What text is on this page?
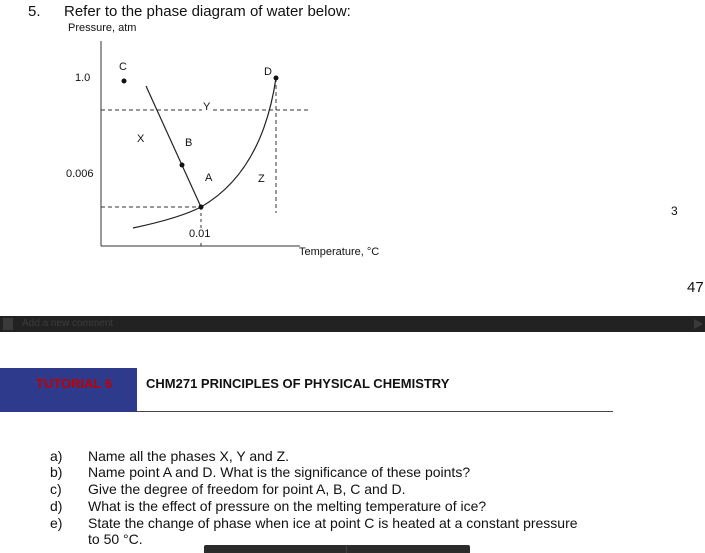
5. Refer to the phase diagram of water below:
Pressure, atm
1.0
0.006
0.01
Temperature, °C
C	D
B
A
X
Y
Z
3
47
Add a new comment
TUTORIAL 6	CHM271 PRINCIPLES OF PHYSICAL CHEMISTRY
a) Name all the phases X, Y and Z.
b) Name point A and D. What is the significance of these points?
c) Give the degree of freedom for point A, B, C and D.
d) What is the effect of pressure on the melting temperature of ice?
e) State the change of phase when ice at point C is heated at a constant pressure
to 50 °C.
